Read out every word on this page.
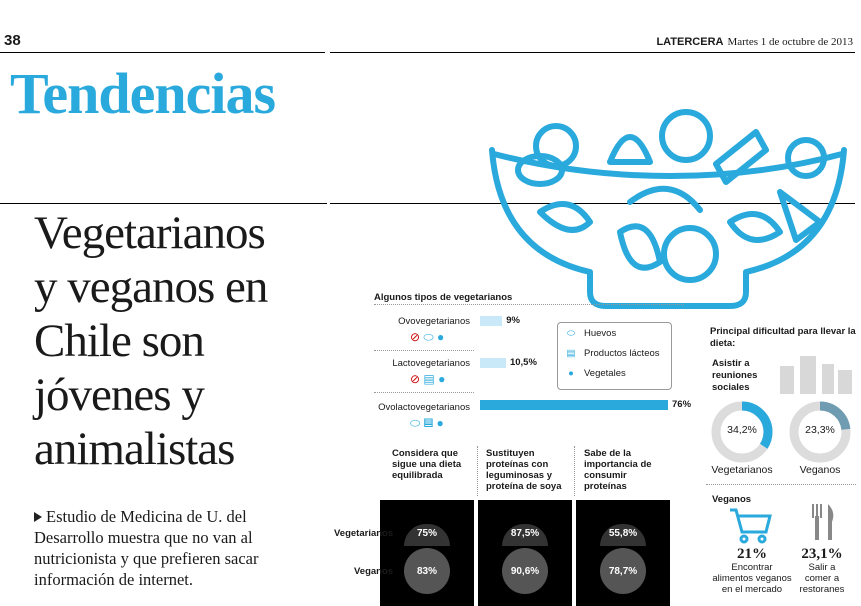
38	LATERCERA Martes 1 de octubre de 2013
Tendencias
Vegetarianos
y veganos en
Chile son
jóvenes y
animalistas
Estudio de Medicina de U. del
Desarrollo muestra que no van al
nutricionista y que prefieren sacar
información de internet.
Algunos tipos de vegetarianos
Ovovegetarianos
⊘ ⬭ ●
Lactovegetarianos
⊘ ▤ ●
Ovolactovegetarianos
⬭ ▤ ●
9%
10,5%
76%
⬭ Huevos
▤ Productos lácteos
●	Vegetales
Considera que
sigue una dieta
equilibrada
Sustituyen
proteínas con
leguminosas y
proteína de soya
Sabe de la
importancia de
consumir
proteínas
Vegetarianos
Veganos
75%	87,5%	55,8%
83%	90,6%	78,7%
Principal dificultad para llevar la
dieta:
Asistir a
reuniones
sociales
34,2%	23,3%
Vegetarianos	Veganos
Veganos
21%	23,1%
Encontrar
alimentos veganos
en el mercado
Salir a
comer a
restoranes
